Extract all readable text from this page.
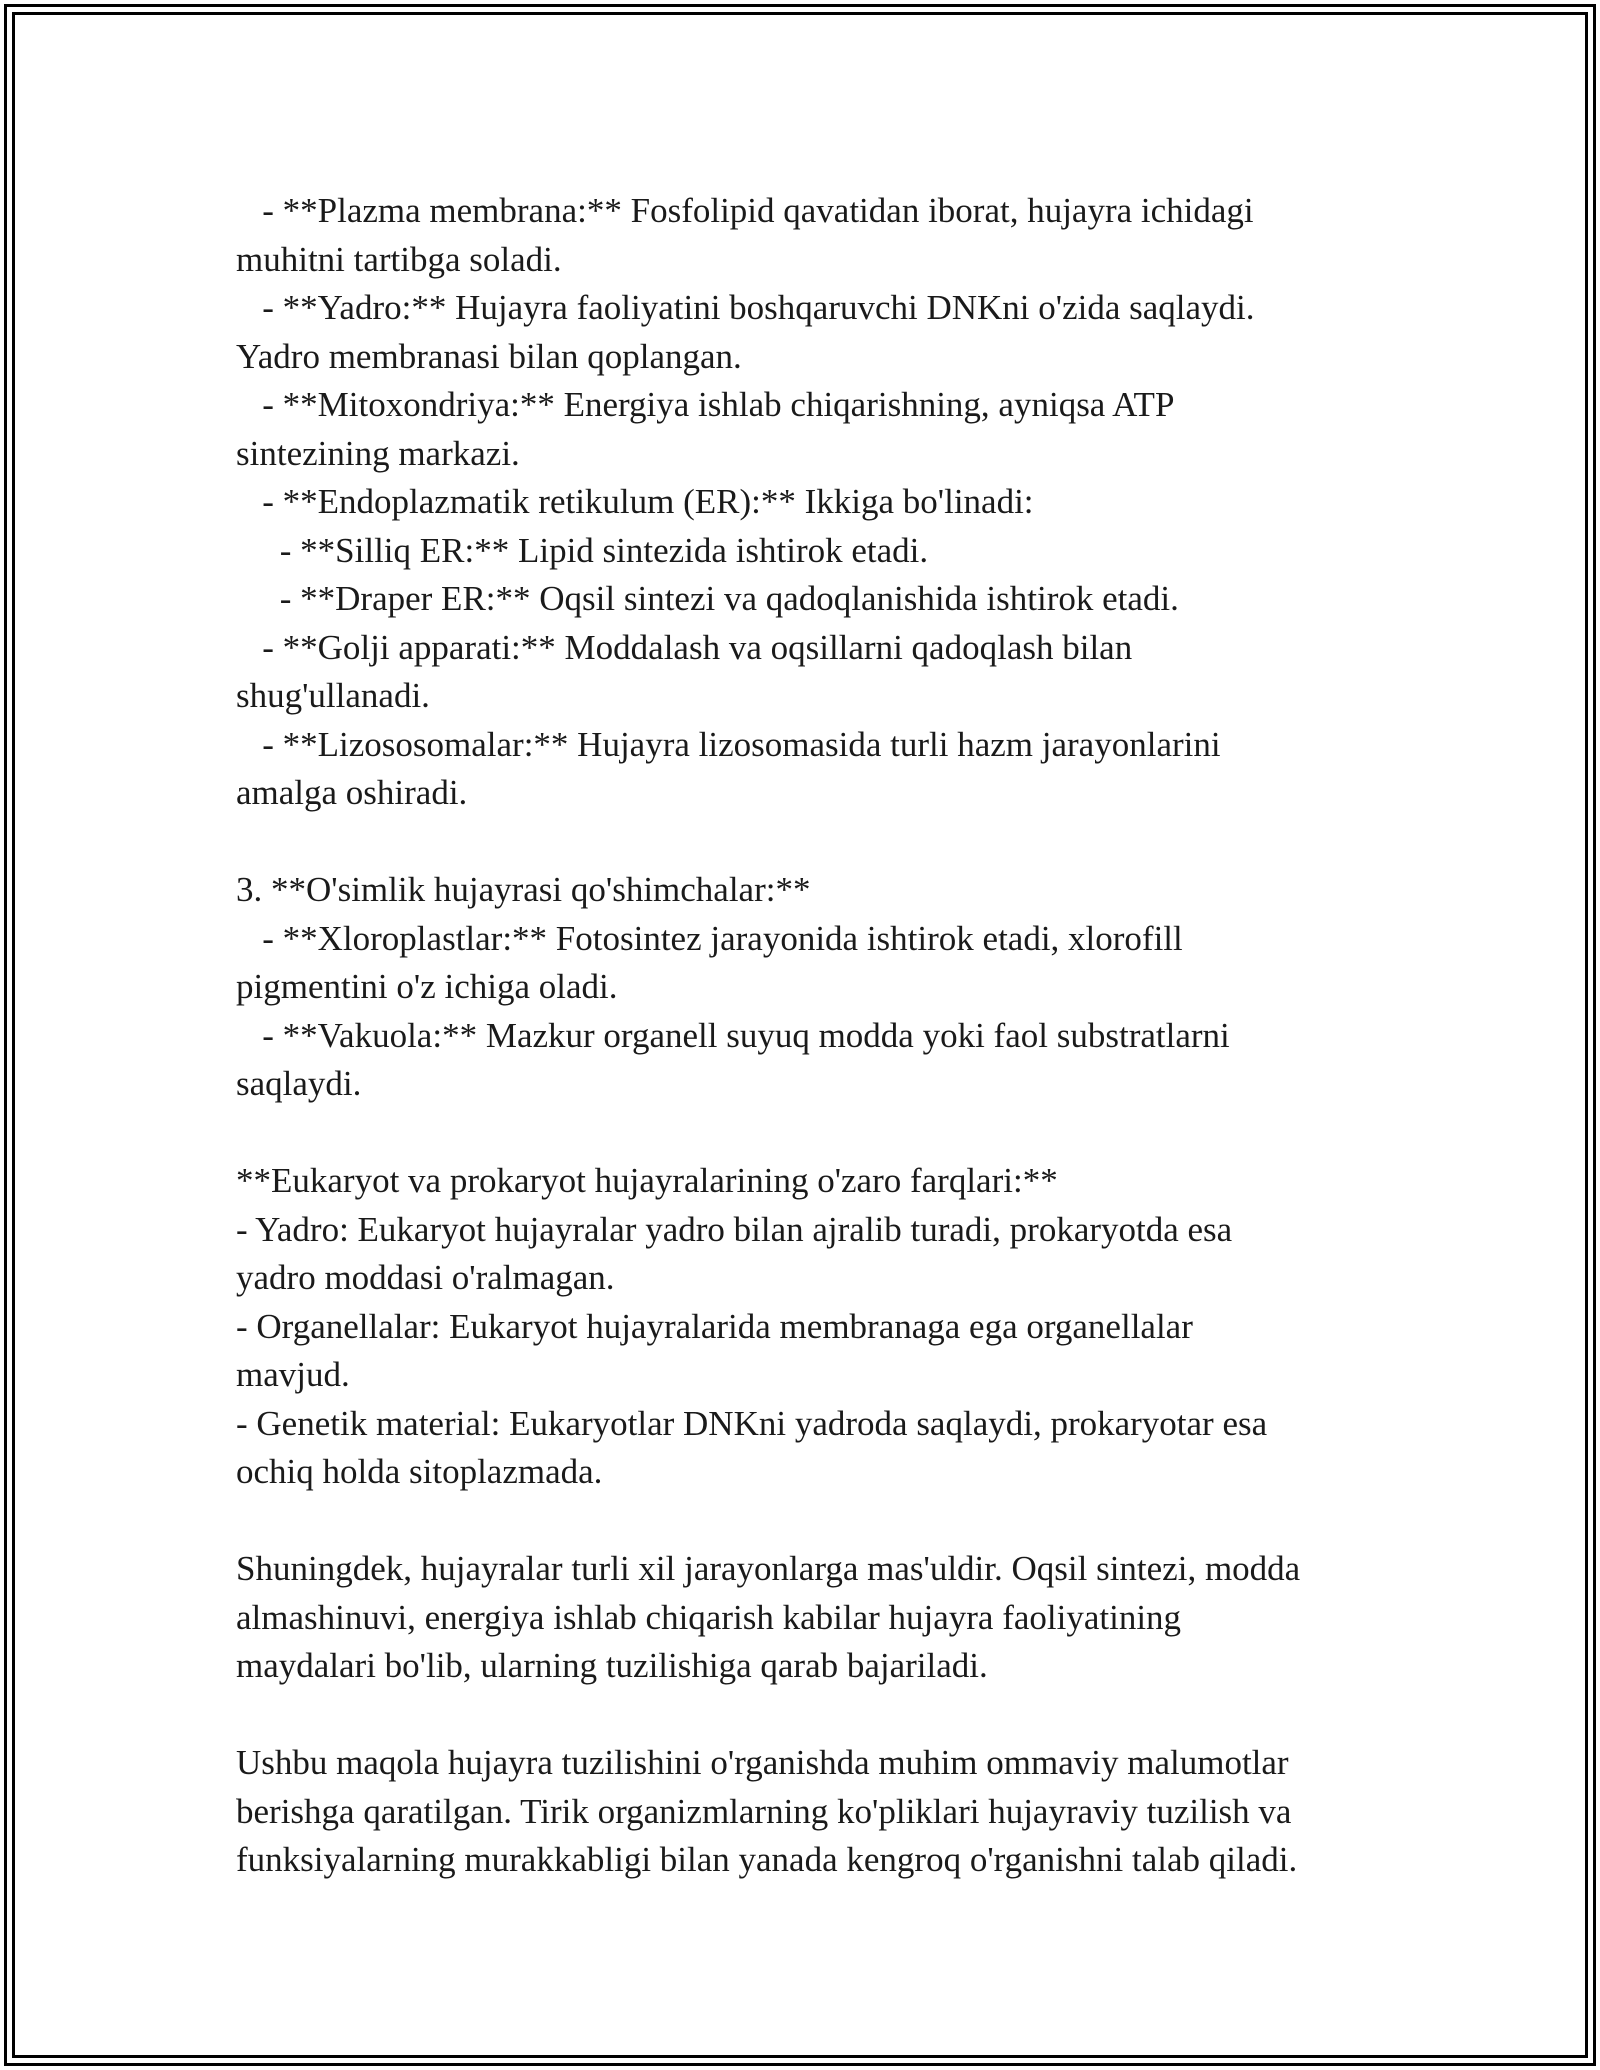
- **Plazma membrana:** Fosfolipid qavatidan iborat, hujayra ichidagi
muhitni tartibga soladi.
- **Yadro:** Hujayra faoliyatini boshqaruvchi DNKni o'zida saqlaydi.
Yadro membranasi bilan qoplangan.
- **Mitoxondriya:** Energiya ishlab chiqarishning, ayniqsa ATP
sintezining markazi.
- **Endoplazmatik retikulum (ER):** Ikkiga bo'linadi:
- **Silliq ER:** Lipid sintezida ishtirok etadi.
- **Draper ER:** Oqsil sintezi va qadoqlanishida ishtirok etadi.
- **Golji apparati:** Moddalash va oqsillarni qadoqlash bilan
shug'ullanadi.
- **Lizososomalar:** Hujayra lizosomasida turli hazm jarayonlarini
amalga oshiradi.
3. **O'simlik hujayrasi qo'shimchalar:**
- **Xloroplastlar:** Fotosintez jarayonida ishtirok etadi, xlorofill
pigmentini o'z ichiga oladi.
- **Vakuola:** Mazkur organell suyuq modda yoki faol substratlarni
saqlaydi.
**Eukaryot va prokaryot hujayralarining o'zaro farqlari:**
- Yadro: Eukaryot hujayralar yadro bilan ajralib turadi, prokaryotda esa
yadro moddasi o'ralmagan.
- Organellalar: Eukaryot hujayralarida membranaga ega organellalar
mavjud.
- Genetik material: Eukaryotlar DNKni yadroda saqlaydi, prokaryotar esa
ochiq holda sitoplazmada.
Shuningdek, hujayralar turli xil jarayonlarga mas'uldir. Oqsil sintezi, modda
almashinuvi, energiya ishlab chiqarish kabilar hujayra faoliyatining
maydalari bo'lib, ularning tuzilishiga qarab bajariladi.
Ushbu maqola hujayra tuzilishini o'rganishda muhim ommaviy malumotlar
berishga qaratilgan. Tirik organizmlarning ko'pliklari hujayraviy tuzilish va
funksiyalarning murakkabligi bilan yanada kengroq o'rganishni talab qiladi.
